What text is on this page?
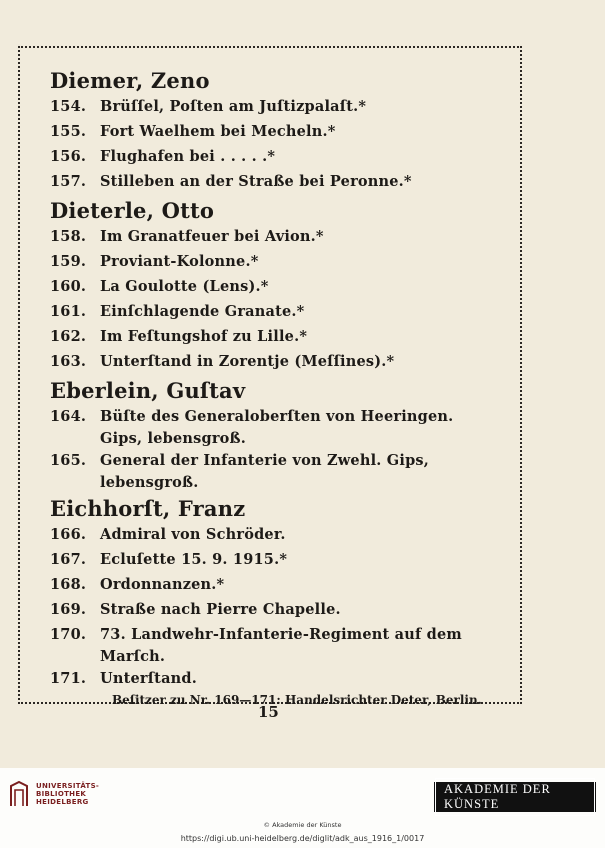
Diemer, Zeno
154. Brüſſel, Poſten am Juſtizpalaſt.*
155. Fort Waelhem bei Mecheln.*
156. Flughafen bei . . . . .*
157. Stilleben an der Straße bei Peronne.*
Dieterle, Otto
158. Im Granatfeuer bei Avion.*
159. Proviant-Kolonne.*
160. La Goulotte (Lens).*
161. Einſchlagende Granate.*
162. Im Feſtungshof zu Lille.*
163. Unterſtand in Zorentje (Meſſines).*
Eberlein, Guſtav
164. Büſte des Generaloberſten von Heeringen. Gips, lebensgroß.
165. General der Infanterie von Zwehl. Gips, lebensgroß.
Eichhorſt, Franz
166. Admiral von Schröder.
167. Ecluſette 15. 9. 1915.*
168. Ordonnanzen.*
169. Straße nach Pierre Chapelle.
170. 73. Landwehr-Infanterie-Regiment auf dem Marſch.
171. Unterſtand.
Beſitzer zu Nr. 169—171: Handelsrichter Deter, Berlin.
15
UNIVERSITÄTS-
BIBLIOTHEK
HEIDELBERG
AKADEMIE DER KÜNSTE
© Akademie der Künste
https://digi.ub.uni-heidelberg.de/diglit/adk_aus_1916_1/0017
